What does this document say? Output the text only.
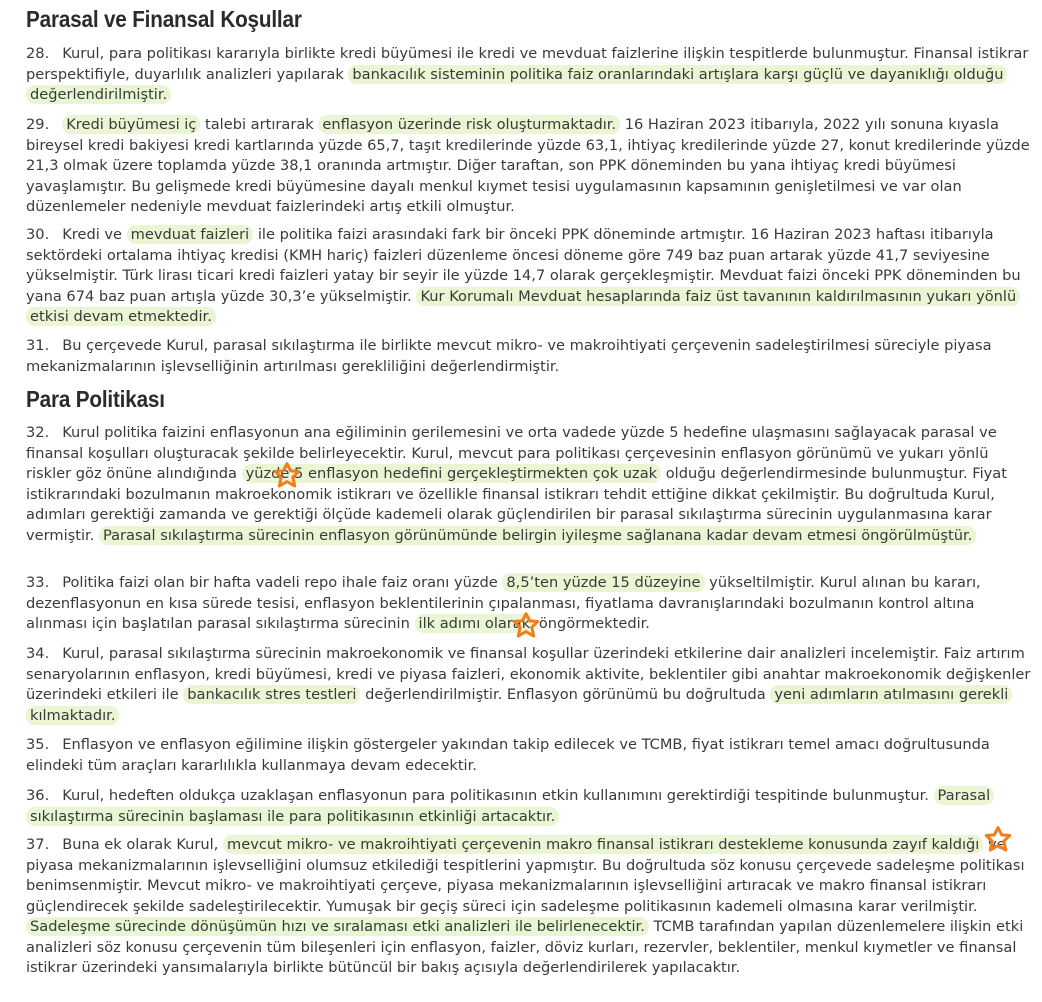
Parasal ve Finansal Koşullar

28. Kurul, para politikası kararıyla birlikte kredi büyümesi ile kredi ve mevduat faizlerine ilişkin tespitlerde bulunmuştur. Finansal istikrar perspektifiyle, duyarlılık analizleri yapılarak bankacılık sisteminin politika faiz oranlarındaki artışlara karşı güçlü ve dayanıklığı olduğu değerlendirilmiştir.

29. Kredi büyümesi iç talebi artırarak enflasyon üzerinde risk oluşturmaktadır. 16 Haziran 2023 itibarıyla, 2022 yılı sonuna kıyasla bireysel kredi bakiyesi kredi kartlarında yüzde 65,7, taşıt kredilerinde yüzde 63,1, ihtiyaç kredilerinde yüzde 27, konut kredilerinde yüzde 21,3 olmak üzere toplamda yüzde 38,1 oranında artmıştır. Diğer taraftan, son PPK döneminden bu yana ihtiyaç kredi büyümesi yavaşlamıştır. Bu gelişmede kredi büyümesine dayalı menkul kıymet tesisi uygulamasının kapsamının genişletilmesi ve var olan düzenlemeler nedeniyle mevduat faizlerindeki artış etkili olmuştur.

30. Kredi ve mevduat faizleri ile politika faizi arasındaki fark bir önceki PPK döneminde artmıştır. 16 Haziran 2023 haftası itibarıyla sektördeki ortalama ihtiyaç kredisi (KMH hariç) faizleri düzenleme öncesi döneme göre 749 baz puan artarak yüzde 41,7 seviyesine yükselmiştir. Türk lirası ticari kredi faizleri yatay bir seyir ile yüzde 14,7 olarak gerçekleşmiştir. Mevduat faizi önceki PPK döneminden bu yana 674 baz puan artışla yüzde 30,3’e yükselmiştir. Kur Korumalı Mevduat hesaplarında faiz üst tavanının kaldırılmasının yukarı yönlü etkisi devam etmektedir.

31. Bu çerçevede Kurul, parasal sıkılaştırma ile birlikte mevcut mikro- ve makroihtiyati çerçevenin sadeleştirilmesi süreciyle piyasa mekanizmalarının işlevselliğinin artırılması gerekliliğini değerlendirmiştir.

Para Politikası

32. Kurul politika faizini enflasyonun ana eğiliminin gerilemesini ve orta vadede yüzde 5 hedefine ulaşmasını sağlayacak parasal ve finansal koşulları oluşturacak şekilde belirleyecektir. Kurul, mevcut para politikası çerçevesinin enflasyon görünümü ve yukarı yönlü riskler göz önüne alındığında yüzde 5 enflasyon hedefini gerçekleştirmekten çok uzak olduğu değerlendirmesinde bulunmuştur. Fiyat istikrarındaki bozulmanın makroekonomik istikrarı ve özellikle finansal istikrarı tehdit ettiğine dikkat çekilmiştir. Bu doğrultuda Kurul, adımları gerektiği zamanda ve gerektiği ölçüde kademeli olarak güçlendirilen bir parasal sıkılaştırma sürecinin uygulanmasına karar vermiştir. Parasal sıkılaştırma sürecinin enflasyon görünümünde belirgin iyileşme sağlanana kadar devam etmesi öngörülmüştür.

33. Politika faizi olan bir hafta vadeli repo ihale faiz oranı yüzde 8,5’ten yüzde 15 düzeyine yükseltilmiştir. Kurul alınan bu kararı, dezenflasyonun en kısa sürede tesisi, enflasyon beklentilerinin çıpalanması, fiyatlama davranışlarındaki bozulmanın kontrol altına alınması için başlatılan parasal sıkılaştırma sürecinin ilk adımı olarak öngörmektedir.

34. Kurul, parasal sıkılaştırma sürecinin makroekonomik ve finansal koşullar üzerindeki etkilerine dair analizleri incelemiştir. Faiz artırım senaryolarının enflasyon, kredi büyümesi, kredi ve piyasa faizleri, ekonomik aktivite, beklentiler gibi anahtar makroekonomik değişkenler üzerindeki etkileri ile bankacılık stres testleri değerlendirilmiştir. Enflasyon görünümü bu doğrultuda yeni adımların atılmasını gerekli kılmaktadır.

35. Enflasyon ve enflasyon eğilimine ilişkin göstergeler yakından takip edilecek ve TCMB, fiyat istikrarı temel amacı doğrultusunda elindeki tüm araçları kararlılıkla kullanmaya devam edecektir.

36. Kurul, hedeften oldukça uzaklaşan enflasyonun para politikasının etkin kullanımını gerektirdiği tespitinde bulunmuştur. Parasal sıkılaştırma sürecinin başlaması ile para politikasının etkinliği artacaktır.

37. Buna ek olarak Kurul, mevcut mikro- ve makroihtiyati çerçevenin makro finansal istikrarı destekleme konusunda zayıf kaldığı ve piyasa mekanizmalarının işlevselliğini olumsuz etkilediği tespitlerini yapmıştır. Bu doğrultuda söz konusu çerçevede sadeleşme politikası benimsenmiştir. Mevcut mikro- ve makroihtiyati çerçeve, piyasa mekanizmalarının işlevselliğini artıracak ve makro finansal istikrarı güçlendirecek şekilde sadeleştirilecektir. Yumuşak bir geçiş süreci için sadeleşme politikasının kademeli olmasına karar verilmiştir. Sadeleşme sürecinde dönüşümün hızı ve sıralaması etki analizleri ile belirlenecektir. TCMB tarafından yapılan düzenlemelere ilişkin etki analizleri söz konusu çerçevenin tüm bileşenleri için enflasyon, faizler, döviz kurları, rezervler, beklentiler, menkul kıymetler ve finansal istikrar üzerindeki yansımalarıyla birlikte bütüncül bir bakış açısıyla değerlendirilerek yapılacaktır.
